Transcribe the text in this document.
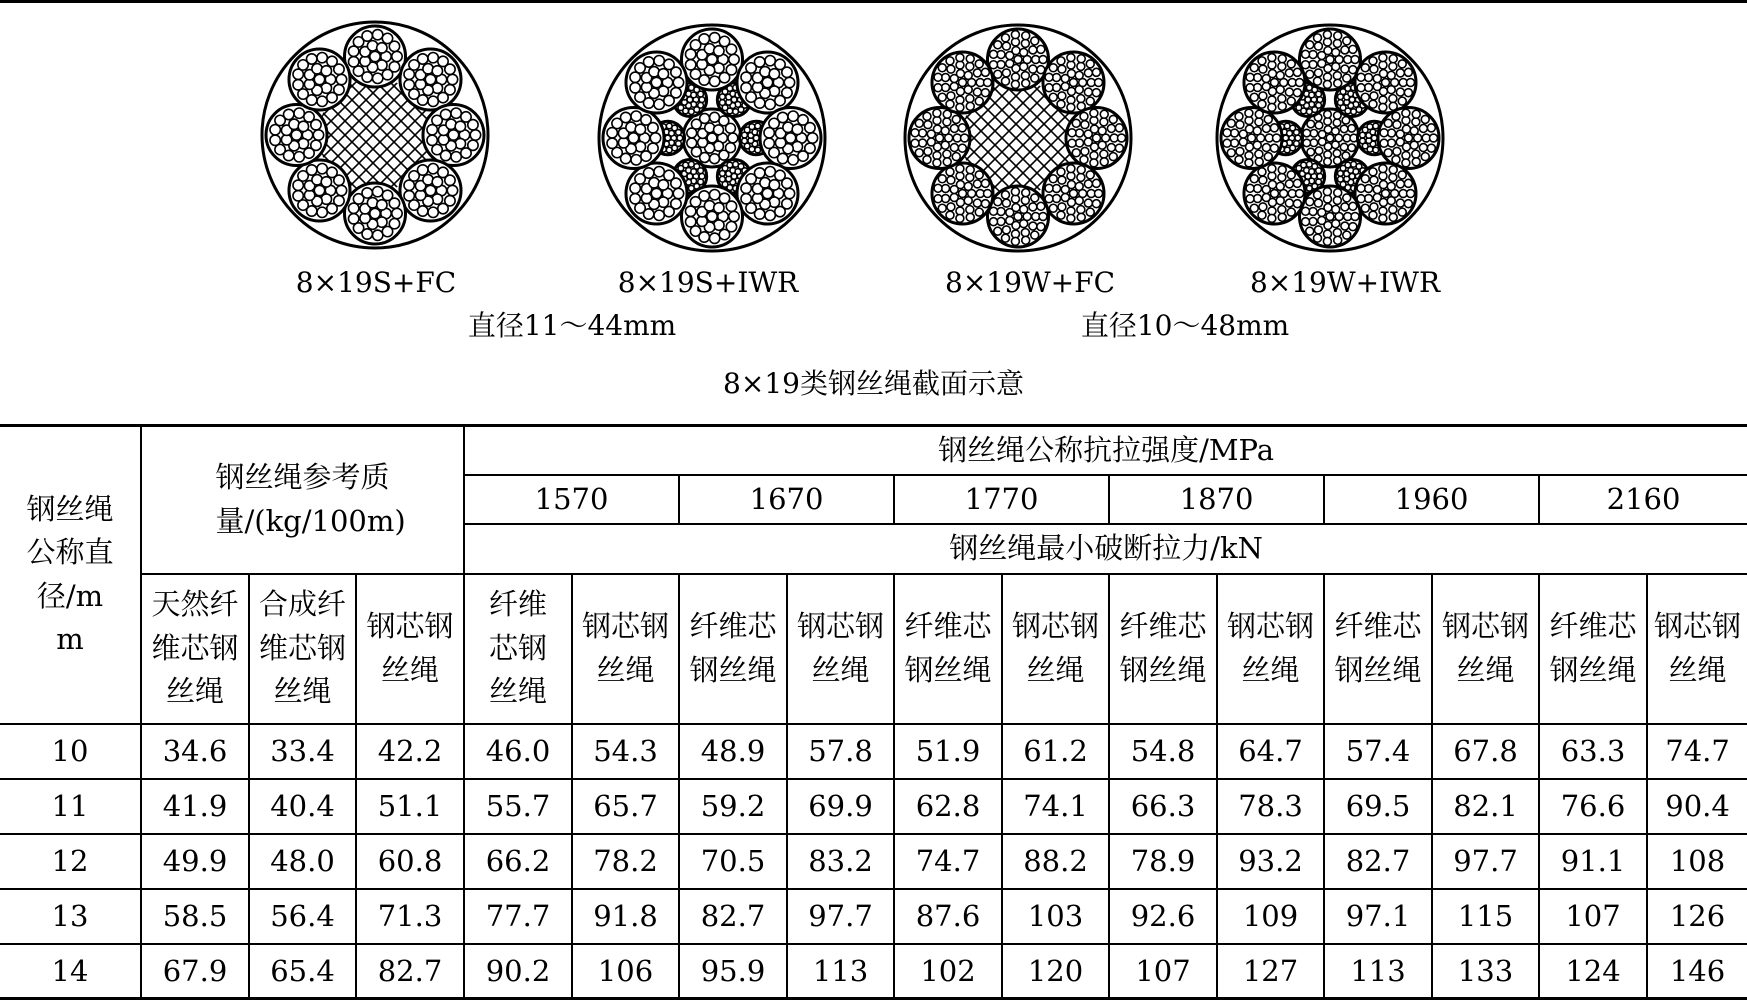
8×19S+FC	8×19S+IWR	8×19W+FC	8×19W+IWR
直径11～44mm	直径10～48mm
8×19类钢丝绳截面示意
钢丝绳公称直径/mm	钢丝绳参考质量/(kg/100m)			钢丝绳公称抗拉强度/MPa											
				1570		1670		1770		1870		1960		2160	
				钢丝绳最小破断拉力/kN											
	天然纤维芯钢丝绳	合成纤维芯钢丝绳	钢芯钢丝绳	纤维芯钢丝绳	钢芯钢丝绳	纤维芯钢丝绳	钢芯钢丝绳	纤维芯钢丝绳	钢芯钢丝绳	纤维芯钢丝绳	钢芯钢丝绳	纤维芯钢丝绳	钢芯钢丝绳	纤维芯钢丝绳	钢芯钢丝绳
10	34.6	33.4	42.2	46.0	54.3	48.9	57.8	51.9	61.2	54.8	64.7	57.4	67.8	63.3	74.7
11	41.9	40.4	51.1	55.7	65.7	59.2	69.9	62.8	74.1	66.3	78.3	69.5	82.1	76.6	90.4
12	49.9	48.0	60.8	66.2	78.2	70.5	83.2	74.7	88.2	78.9	93.2	82.7	97.7	91.1	108
13	58.5	56.4	71.3	77.7	91.8	82.7	97.7	87.6	103	92.6	109	97.1	115	107	126
14	67.9	65.4	82.7	90.2	106	95.9	113	102	120	107	127	113	133	124	146
